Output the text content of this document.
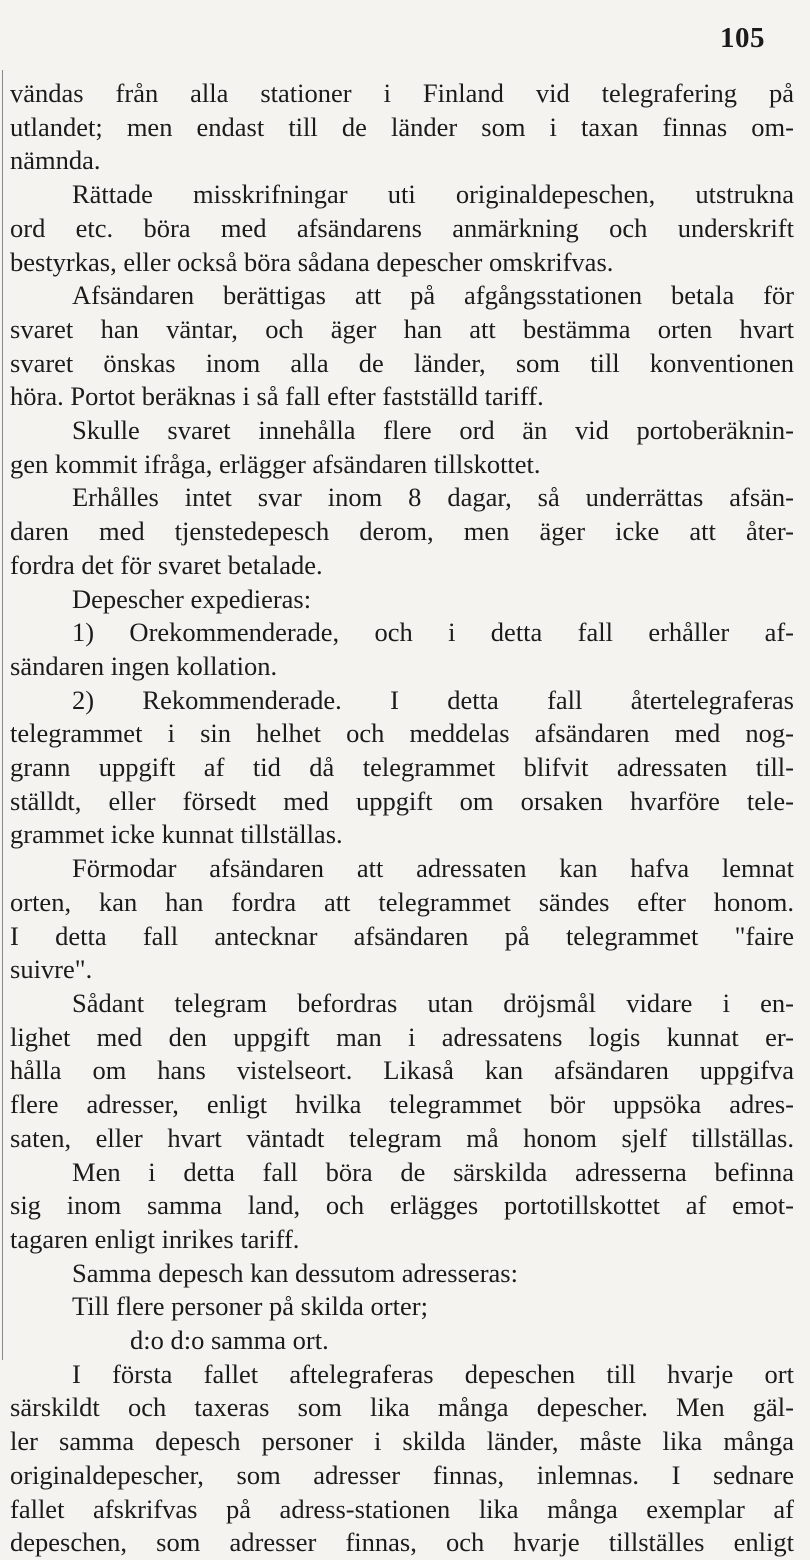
105
vändas från alla stationer i Finland vid telegrafering på
utlandet; men endast till de länder som i taxan finnas om-
nämnda.
Rättade misskrifningar uti originaldepeschen, utstrukna
ord etc. böra med afsändarens anmärkning och underskrift
bestyrkas, eller också böra sådana depescher omskrifvas.
Afsändaren berättigas att på afgångsstationen betala för
svaret han väntar, och äger han att bestämma orten hvart
svaret önskas inom alla de länder, som till konventionen
höra. Portot beräknas i så fall efter fastställd tariff.
Skulle svaret innehålla flere ord än vid portoberäknin-
gen kommit ifråga, erlägger afsändaren tillskottet.
Erhålles intet svar inom 8 dagar, så underrättas afsän-
daren med tjenstedepesch derom, men äger icke att åter-
fordra det för svaret betalade.
Depescher expedieras:
1) Orekommenderade, och i detta fall erhåller af-
sändaren ingen kollation.
2) Rekommenderade. I detta fall återtelegraferas
telegrammet i sin helhet och meddelas afsändaren med nog-
grann uppgift af tid då telegrammet blifvit adressaten till-
ställdt, eller försedt med uppgift om orsaken hvarföre tele-
grammet icke kunnat tillställas.
Förmodar afsändaren att adressaten kan hafva lemnat
orten, kan han fordra att telegrammet sändes efter honom.
I detta fall antecknar afsändaren på telegrammet "faire
suivre".
Sådant telegram befordras utan dröjsmål vidare i en-
lighet med den uppgift man i adressatens logis kunnat er-
hålla om hans vistelseort. Likaså kan afsändaren uppgifva
flere adresser, enligt hvilka telegrammet bör uppsöka adres-
saten, eller hvart väntadt telegram må honom sjelf tillställas.
Men i detta fall böra de särskilda adresserna befinna
sig inom samma land, och erlägges portotillskottet af emot-
tagaren enligt inrikes tariff.
Samma depesch kan dessutom adresseras:
Till flere personer på skilda orter;
d:o d:o samma ort.
I första fallet aftelegraferas depeschen till hvarje ort
särskildt och taxeras som lika många depescher. Men gäl-
ler samma depesch personer i skilda länder, måste lika många
originaldepescher, som adresser finnas, inlemnas. I sednare
fallet afskrifvas på adress-stationen lika många exemplar af
depeschen, som adresser finnas, och hvarje tillställes enligt
